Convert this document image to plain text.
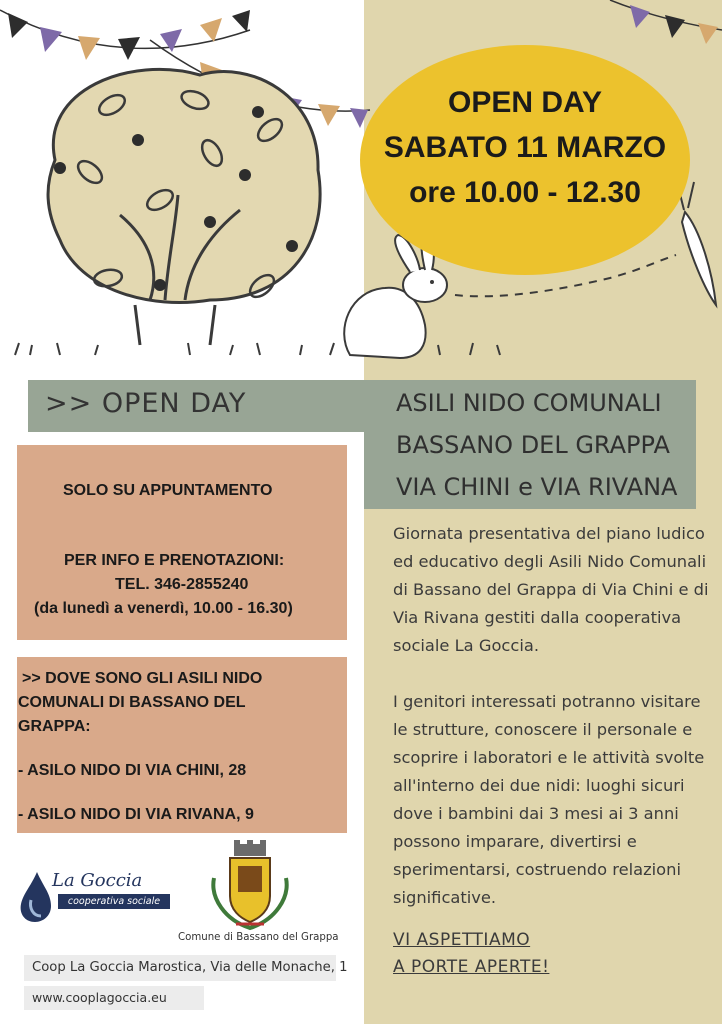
OPEN DAY
SABATO 11 MARZO
ore 10.00 - 12.30
>> OPEN DAY	ASILI NIDO COMUNALI
BASSANO DEL GRAPPA
VIA CHINI e VIA RIVANA
SOLO SU APPUNTAMENTO
PER INFO E PRENOTAZIONI:
TEL. 346-2855240
(da lunedì a venerdì, 10.00 - 16.30)
>> DOVE SONO GLI ASILI NIDO
COMUNALI DI BASSANO DEL
GRAPPA:
- ASILO NIDO DI VIA CHINI, 28
- ASILO NIDO DI VIA RIVANA, 9

Giornata presentativa del piano ludico ed educativo degli Asili Nido Comunali di Bassano del Grappa di Via Chini e di Via Rivana gestiti dalla cooperativa sociale La Goccia.

I genitori interessati potranno visitare le strutture, conoscere il personale e scoprire i laboratori e le attività svolte all'interno dei due nidi: luoghi sicuri dove i bambini dai 3 mesi ai 3 anni possono imparare, divertirsi e sperimentarsi, costruendo relazioni significative.

VI ASPETTIAMO
A PORTE APERTE!
La Goccia
cooperativa sociale
Comune di Bassano del Grappa
Coop La Goccia Marostica, Via delle Monache, 1
www.cooplagoccia.eu
